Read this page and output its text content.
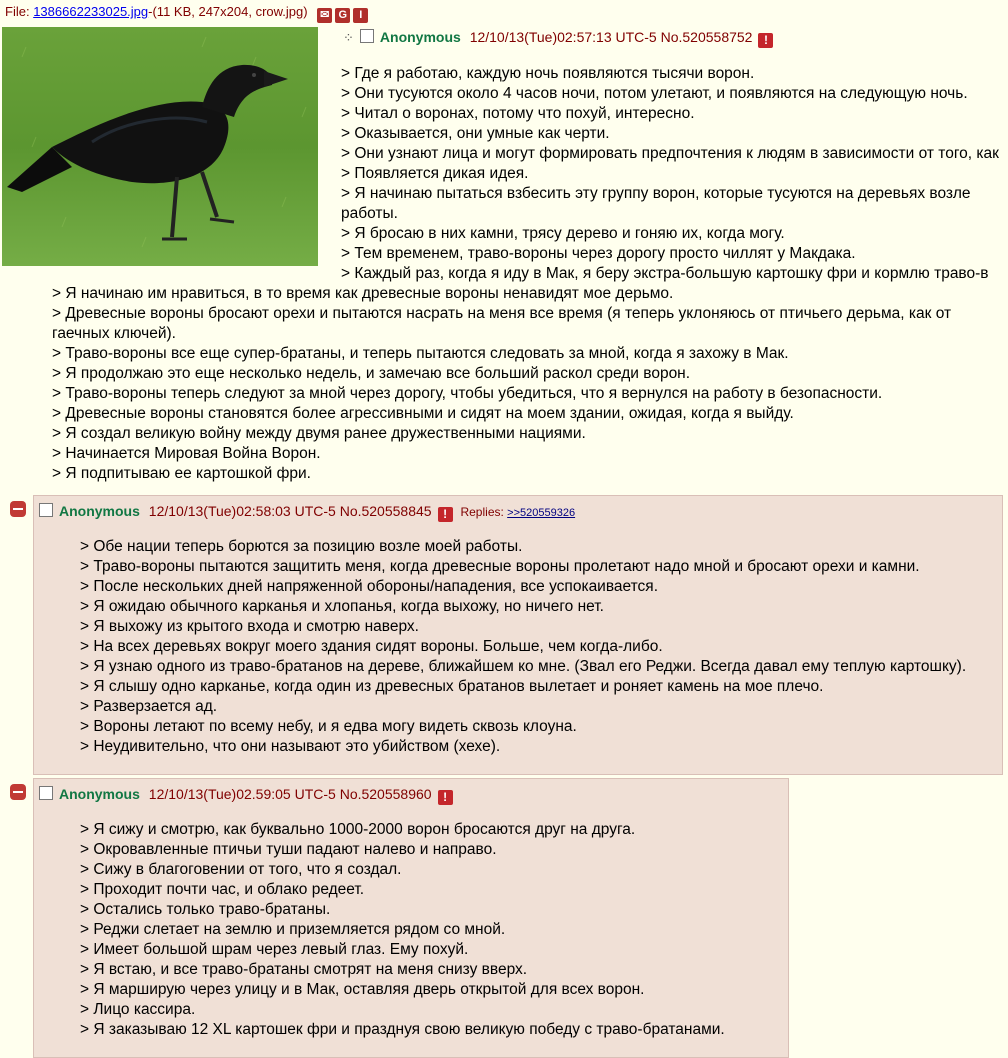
File: 1386662233025.jpg-(11 KB, 247x204, crow.jpg) ✉ G	I
⁘ Anonymous 12/10/13(Tue)02:57:13 UTC-5 No.520558752 !
> Где я работаю, каждую ночь появляются тысячи ворон.
> Они тусуются около 4 часов ночи, потом улетают, и появляются на следующую ночь.
> Читал о воронах, потому что похуй, интересно.
> Оказывается, они умные как черти.
> Они узнают лица и могут формировать предпочтения к людям в зависимости от того, как
> Появляется дикая идея.
> Я начинаю пытаться взбесить эту группу ворон, которые тусуются на деревьях возле
работы.
> Я бросаю в них камни, трясу дерево и гоняю их, когда могу.
> Тем временем, траво-вороны через дорогу просто чиллят у Макдака.
> Каждый раз, когда я иду в Мак, я беру экстра-большую картошку фри и кормлю траво-в
> Я начинаю им нравиться, в то время как древесные вороны ненавидят мое дерьмо.
> Древесные вороны бросают орехи и пытаются насрать на меня все время (я теперь уклоняюсь от птичьего дерьма, как от
гаечных ключей).
> Траво-вороны все еще супер-братаны, и теперь пытаются следовать за мной, когда я захожу в Мак.
> Я продолжаю это еще несколько недель, и замечаю все больший раскол среди ворон.
> Траво-вороны теперь следуют за мной через дорогу, чтобы убедиться, что я вернулся на работу в безопасности.
> Древесные вороны становятся более агрессивными и сидят на моем здании, ожидая, когда я выйду.
> Я создал великую войну между двумя ранее дружественными нациями.
> Начинается Мировая Война Ворон.
> Я подпитываю ее картошкой фри.
Anonymous 12/10/13(Tue)02:58:03 UTC-5 No.520558845 ! Replies: >>520559326
> Обе нации теперь борются за позицию возле моей работы.
> Траво-вороны пытаются защитить меня, когда древесные вороны пролетают надо мной и бросают орехи и камни.
> После нескольких дней напряженной обороны/нападения, все успокаивается.
> Я ожидаю обычного карканья и хлопанья, когда выхожу, но ничего нет.
> Я выхожу из крытого входа и смотрю наверх.
> На всех деревьях вокруг моего здания сидят вороны. Больше, чем когда-либо.
> Я узнаю одного из траво-братанов на дереве, ближайшем ко мне. (Звал его Реджи. Всегда давал ему теплую картошку).
> Я слышу одно карканье, когда один из древесных братанов вылетает и роняет камень на мое плечо.
> Разверзается ад.
> Вороны летают по всему небу, и я едва могу видеть сквозь клоуна.
> Неудивительно, что они называют это убийством (хехе).
Anonymous 12/10/13(Tue)02.59:05 UTC-5 No.520558960 !
> Я сижу и смотрю, как буквально 1000-2000 ворон бросаются друг на друга.
> Окровавленные птичьи туши падают налево и направо.
> Сижу в благоговении от того, что я создал.
> Проходит почти час, и облако редеет.
> Остались только траво-братаны.
> Реджи слетает на землю и приземляется рядом со мной.
> Имеет большой шрам через левый глаз. Ему похуй.
> Я встаю, и все траво-братаны смотрят на меня снизу вверх.
> Я марширую через улицу и в Мак, оставляя дверь открытой для всех ворон.
> Лицо кассира.
> Я заказываю 12 XL картошек фри и празднуя свою великую победу с траво-братанами.
